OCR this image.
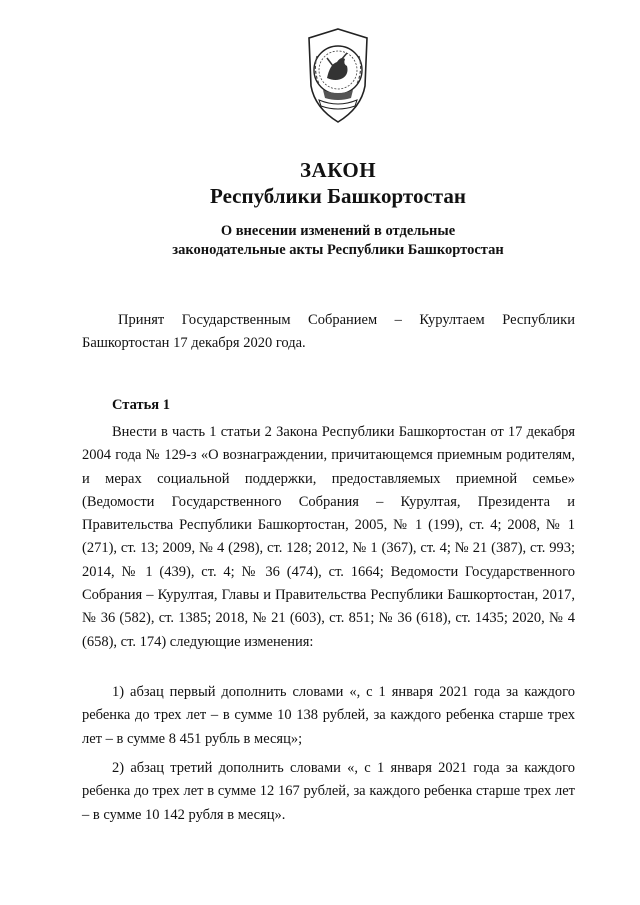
ЗАКОН
Республики Башкортостан
О внесении изменений в отдельные
законодательные акты Республики Башкортостан

Принят Государственным Собранием – Курултаем Республики Башкортостан 17 декабря 2020 года.

Статья 1

Внести в часть 1 статьи 2 Закона Республики Башкортостан от 17 декабря 2004 года № 129-з «О вознаграждении, причитающемся приемным родителям, и мерах социальной поддержки, предоставляемых приемной семье» (Ведомости Государственного Собрания – Курултая, Президента и Правительства Республики Башкортостан, 2005, № 1 (199), ст. 4; 2008, № 1 (271), ст. 13; 2009, № 4 (298), ст. 128; 2012, № 1 (367), ст. 4; № 21 (387), ст. 993; 2014, № 1 (439), ст. 4; № 36 (474), ст. 1664; Ведомости Государственного Собрания – Курултая, Главы и Правительства Республики Башкортостан, 2017, № 36 (582), ст. 1385; 2018, № 21 (603), ст. 851; № 36 (618), ст. 1435; 2020, № 4 (658), ст. 174) следующие изменения:

1) абзац первый дополнить словами «, с 1 января 2021 года за каждого ребенка до трех лет – в сумме 10 138 рублей, за каждого ребенка старше трех лет – в сумме 8 451 рубль в месяц»;

2) абзац третий дополнить словами «, с 1 января 2021 года за каждого ребенка до трех лет в сумме 12 167 рублей, за каждого ребенка старше трех лет – в сумме 10 142 рубля в месяц».
